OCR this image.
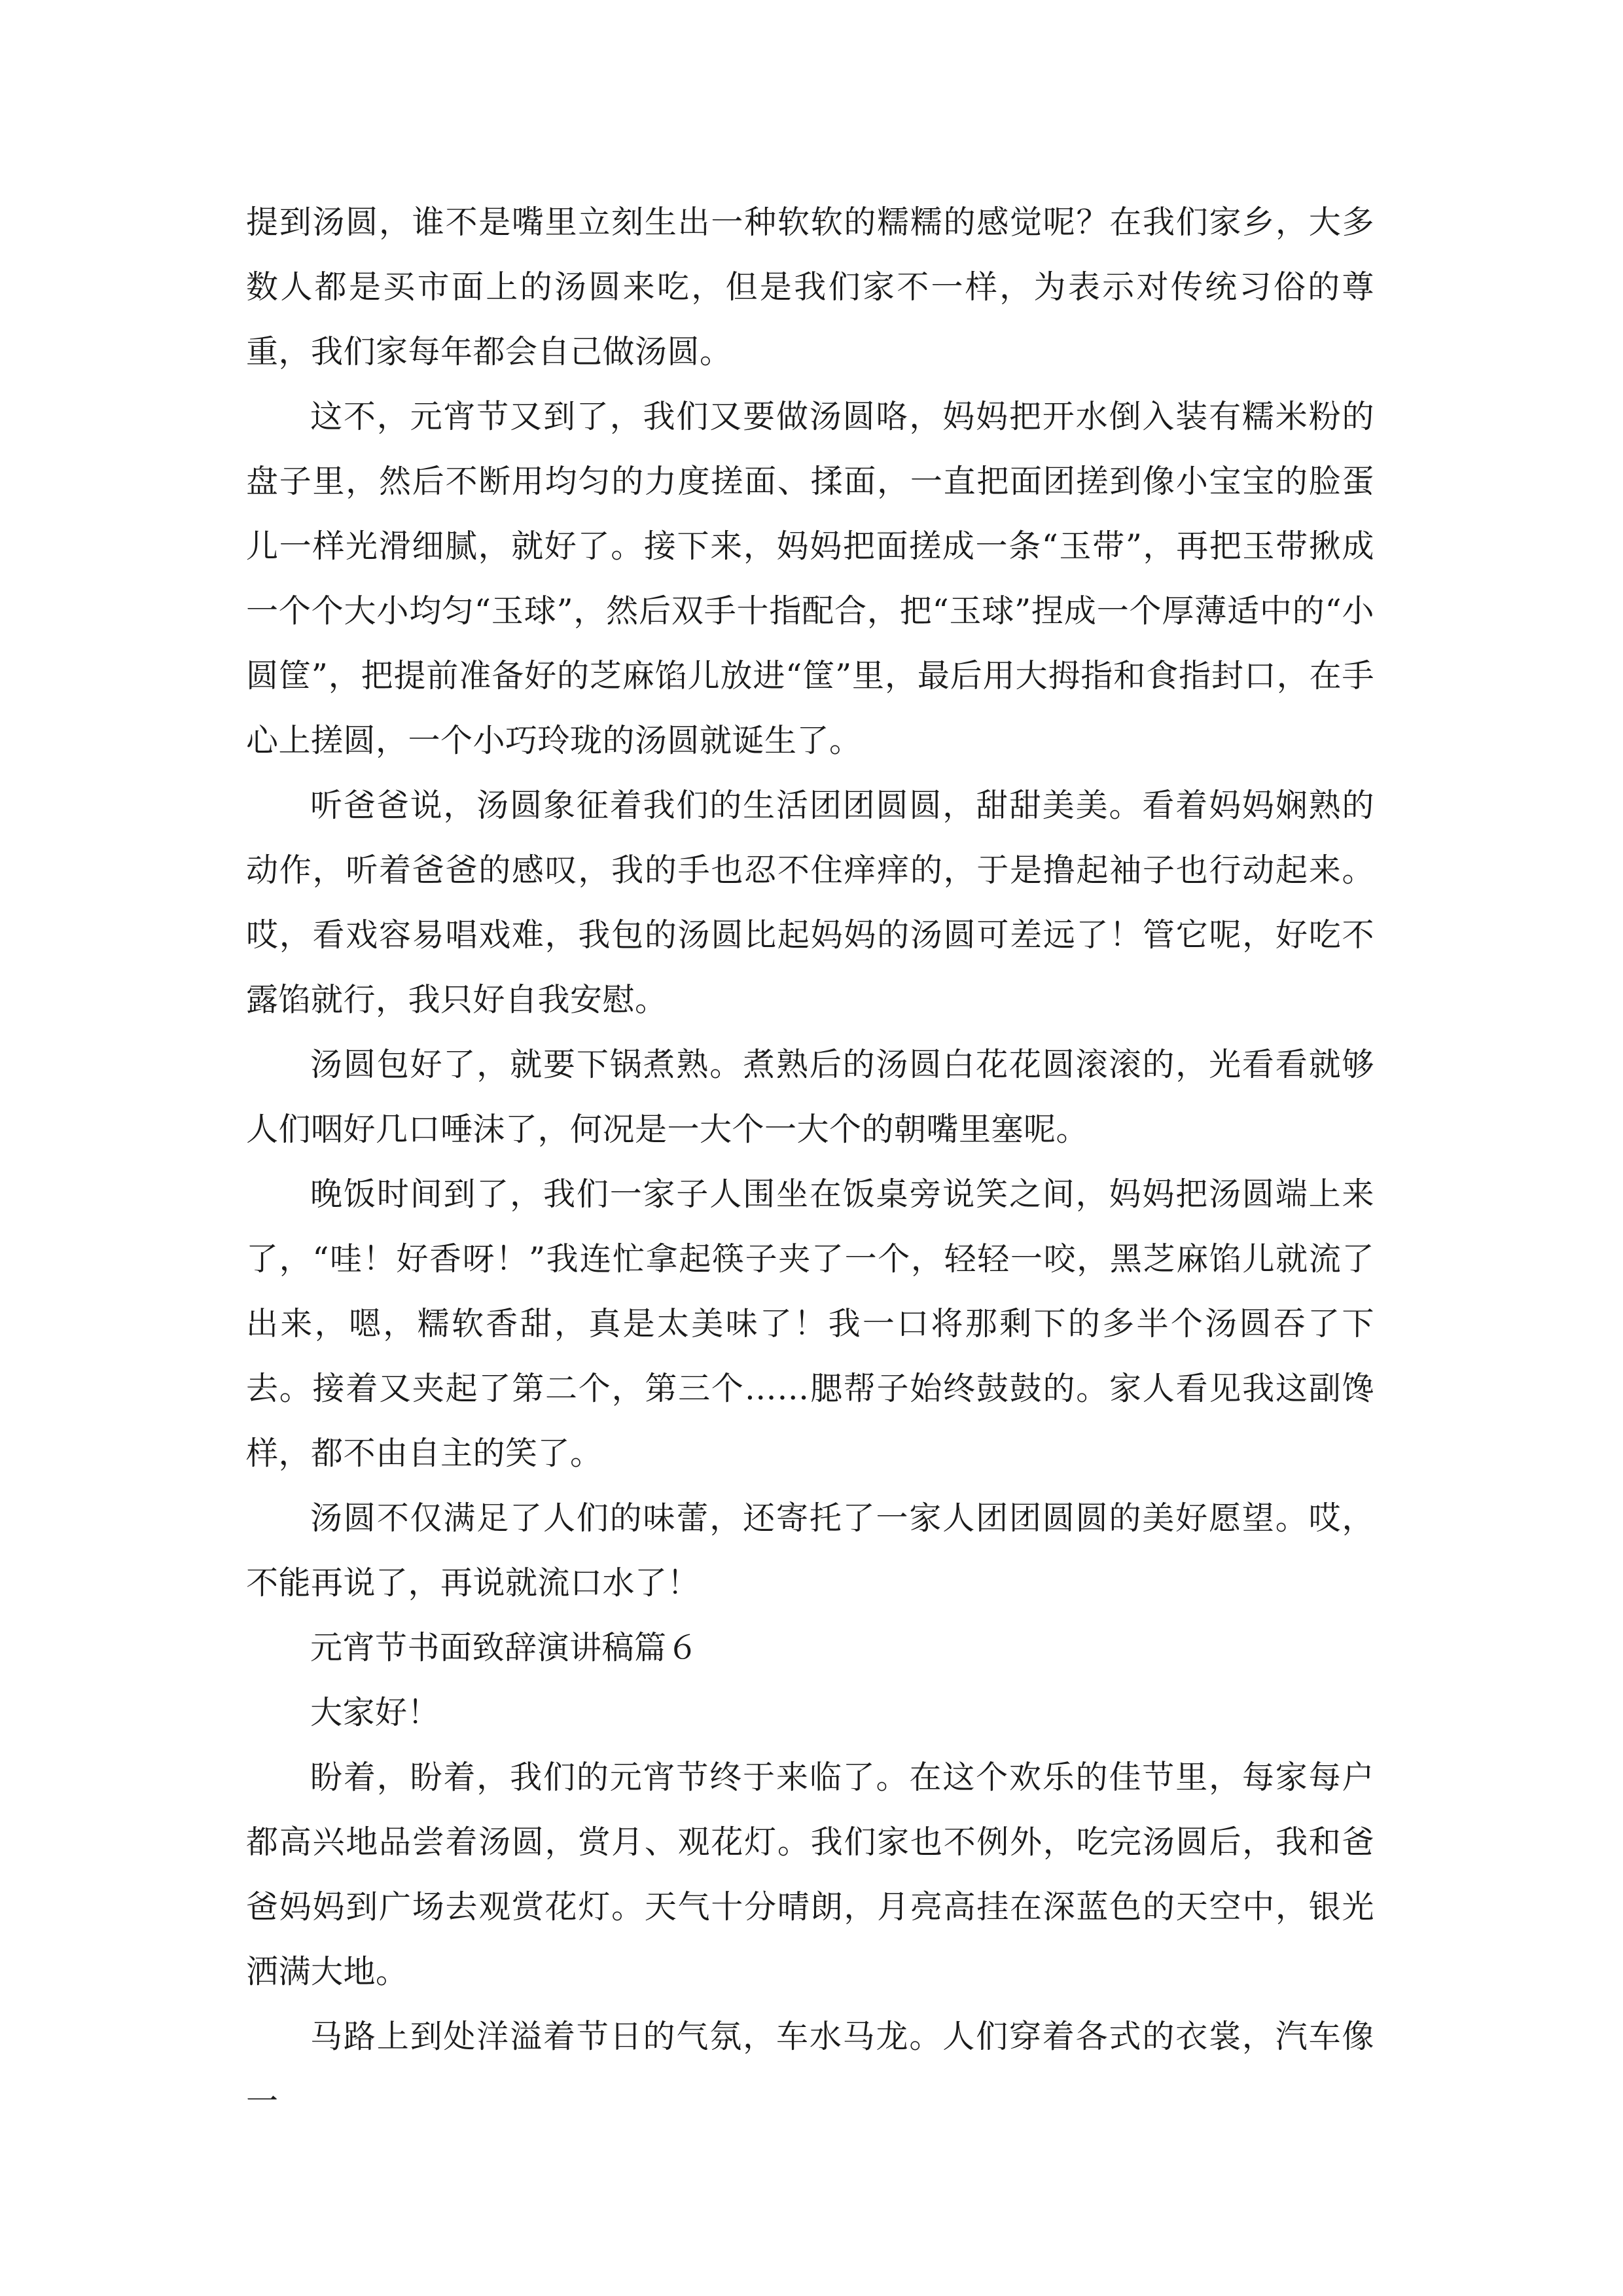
提到汤圆，谁不是嘴里立刻生出一种软软的糯糯的感觉呢？在我们家乡，大多数人都是买市面上的汤圆来吃，但是我们家不一样，为表示对传统习俗的尊重，我们家每年都会自己做汤圆。

这不，元宵节又到了，我们又要做汤圆咯，妈妈把开水倒入装有糯米粉的盘子里，然后不断用均匀的力度搓面、揉面，一直把面团搓到像小宝宝的脸蛋儿一样光滑细腻，就好了。接下来，妈妈把面搓成一条“玉带”，再把玉带揪成一个个大小均匀“玉球”，然后双手十指配合，把“玉球”捏成一个厚薄适中的“小圆筐”，把提前准备好的芝麻馅儿放进“筐”里，最后用大拇指和食指封口，在手心上搓圆，一个小巧玲珑的汤圆就诞生了。

听爸爸说，汤圆象征着我们的生活团团圆圆，甜甜美美。看着妈妈娴熟的动作，听着爸爸的感叹，我的手也忍不住痒痒的，于是撸起袖子也行动起来。哎，看戏容易唱戏难，我包的汤圆比起妈妈的汤圆可差远了！管它呢，好吃不露馅就行，我只好自我安慰。

汤圆包好了，就要下锅煮熟。煮熟后的汤圆白花花圆滚滚的，光看看就够人们咽好几口唾沫了，何况是一大个一大个的朝嘴里塞呢。

晚饭时间到了，我们一家子人围坐在饭桌旁说笑之间，妈妈把汤圆端上来了，“哇！好香呀！”我连忙拿起筷子夹了一个，轻轻一咬，黑芝麻馅儿就流了出来，嗯，糯软香甜，真是太美味了！我一口将那剩下的多半个汤圆吞了下去。接着又夹起了第二个，第三个……腮帮子始终鼓鼓的。家人看见我这副馋样，都不由自主的笑了。

汤圆不仅满足了人们的味蕾，还寄托了一家人团团圆圆的美好愿望。哎，不能再说了，再说就流口水了！

元宵节书面致辞演讲稿篇６

大家好！

盼着，盼着，我们的元宵节终于来临了。在这个欢乐的佳节里，每家每户都高兴地品尝着汤圆，赏月、观花灯。我们家也不例外，吃完汤圆后，我和爸爸妈妈到广场去观赏花灯。天气十分晴朗，月亮高挂在深蓝色的天空中，银光洒满大地。

马路上到处洋溢着节日的气氛，车水马龙。人们穿着各式的衣裳，汽车像一
